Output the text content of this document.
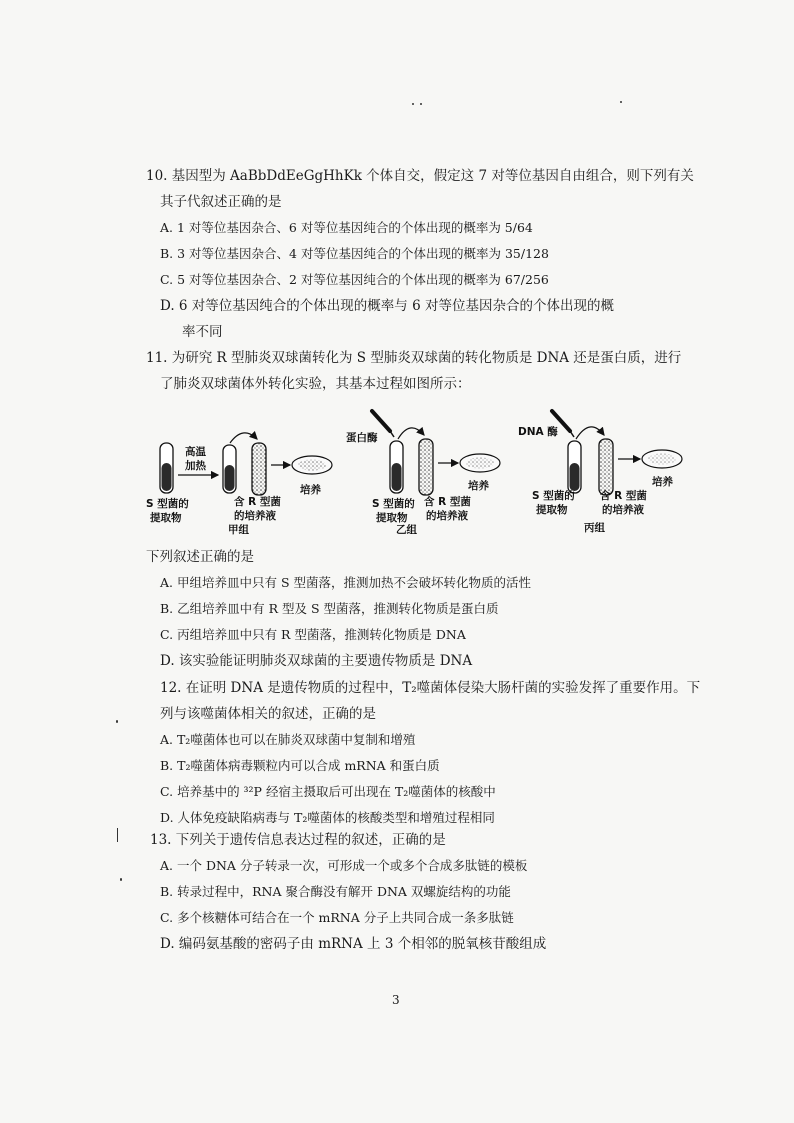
10. 基因型为 AaBbDdEeGgHhKk 个体自交，假定这 7 对等位基因自由组合，则下列有关
其子代叙述正确的是
A. 1 对等位基因杂合、6 对等位基因纯合的个体出现的概率为 5/64
B. 3 对等位基因杂合、4 对等位基因纯合的个体出现的概率为 35/128
C. 5 对等位基因杂合、2 对等位基因纯合的个体出现的概率为 67/256
D. 6 对等位基因纯合的个体出现的概率与 6 对等位基因杂合的个体出现的概
率不同
11. 为研究 R 型肺炎双球菌转化为 S 型肺炎双球菌的转化物质是 DNA 还是蛋白质，进行
了肺炎双球菌体外转化实验，其基本过程如图所示：
高温
加热
培养
S 型菌的
提取物
含 R 型菌
的培养液
甲组
蛋白酶
培养
S 型菌的
提取物
含 R 型菌
的培养液
乙组
DNA 酶
培养
S 型菌的
提取物
含 R 型菌
的培养液
丙组
下列叙述正确的是
A. 甲组培养皿中只有 S 型菌落，推测加热不会破坏转化物质的活性
B. 乙组培养皿中有 R 型及 S 型菌落，推测转化物质是蛋白质
C. 丙组培养皿中只有 R 型菌落，推测转化物质是 DNA
D. 该实验能证明肺炎双球菌的主要遗传物质是 DNA
12. 在证明 DNA 是遗传物质的过程中，T₂噬菌体侵染大肠杆菌的实验发挥了重要作用。下
列与该噬菌体相关的叙述，正确的是
A. T₂噬菌体也可以在肺炎双球菌中复制和增殖
B. T₂噬菌体病毒颗粒内可以合成 mRNA 和蛋白质
C. 培养基中的 ³²P 经宿主摄取后可出现在 T₂噬菌体的核酸中
D. 人体免疫缺陷病毒与 T₂噬菌体的核酸类型和增殖过程相同
13. 下列关于遗传信息表达过程的叙述，正确的是
A. 一个 DNA 分子转录一次，可形成一个或多个合成多肽链的模板
B. 转录过程中，RNA 聚合酶没有解开 DNA 双螺旋结构的功能
C. 多个核糖体可结合在一个 mRNA 分子上共同合成一条多肽链
D. 编码氨基酸的密码子由 mRNA 上 3 个相邻的脱氧核苷酸组成
3
